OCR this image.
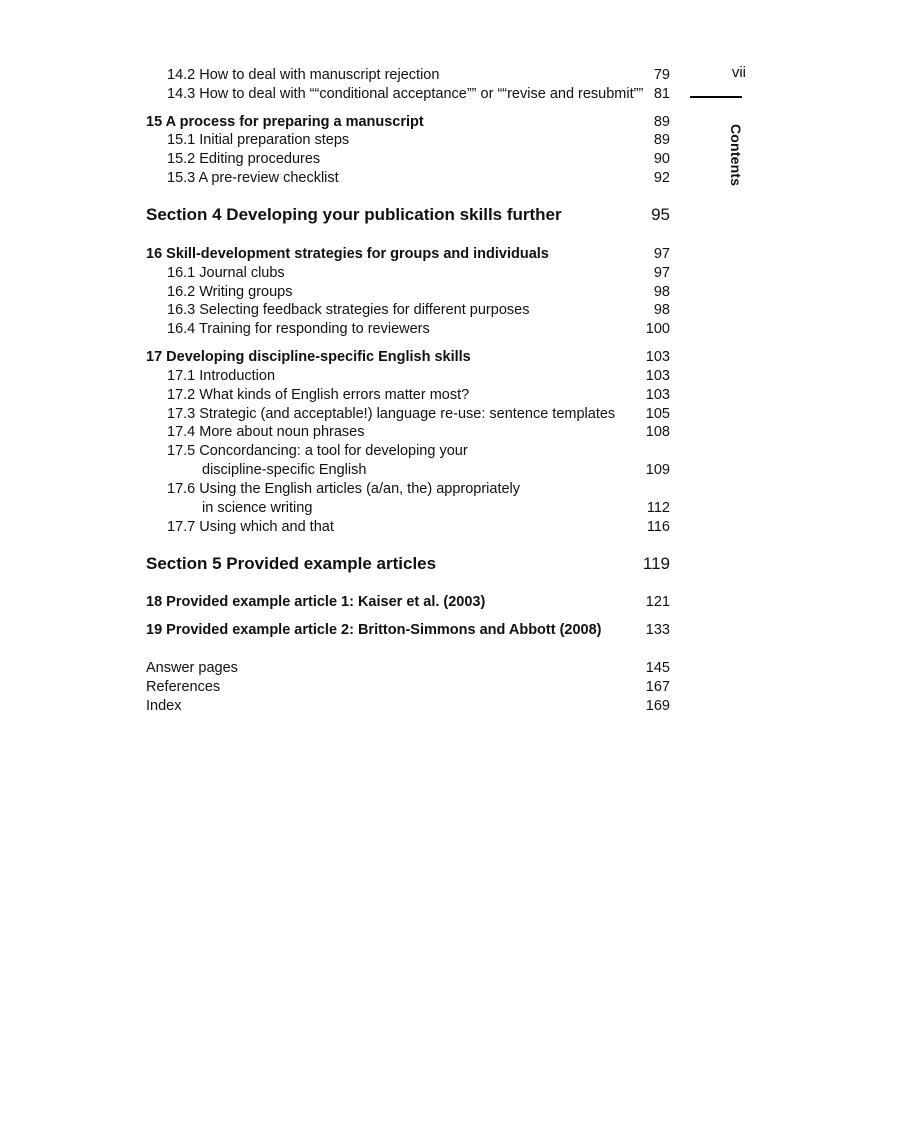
vii
Contents
14.2 How to deal with manuscript rejection	79
14.3 How to deal with ““conditional acceptance”” or ““revise and resubmit”” 81
15 A process for preparing a manuscript	89
15.1 Initial preparation steps	89
15.2 Editing procedures	90
15.3 A pre-review checklist	92
Section 4 Developing your publication skills further	95
16 Skill-development strategies for groups and individuals	97
16.1 Journal clubs	97
16.2 Writing groups	98
16.3 Selecting feedback strategies for different purposes	98
16.4 Training for responding to reviewers	100
17 Developing discipline-specific English skills	103
17.1 Introduction	103
17.2 What kinds of English errors matter most?	103
17.3 Strategic (and acceptable!) language re-use: sentence templates 105
17.4 More about noun phrases	108
17.5 Concordancing: a tool for developing your
discipline-specific English	109
17.6 Using the English articles (a/an, the) appropriately
in science writing	112
17.7 Using which and that	116
Section 5 Provided example articles	119
18 Provided example article 1: Kaiser et al. (2003)	121
19 Provided example article 2: Britton-Simmons and Abbott (2008)	133
Answer pages	145
References	167
Index	169
